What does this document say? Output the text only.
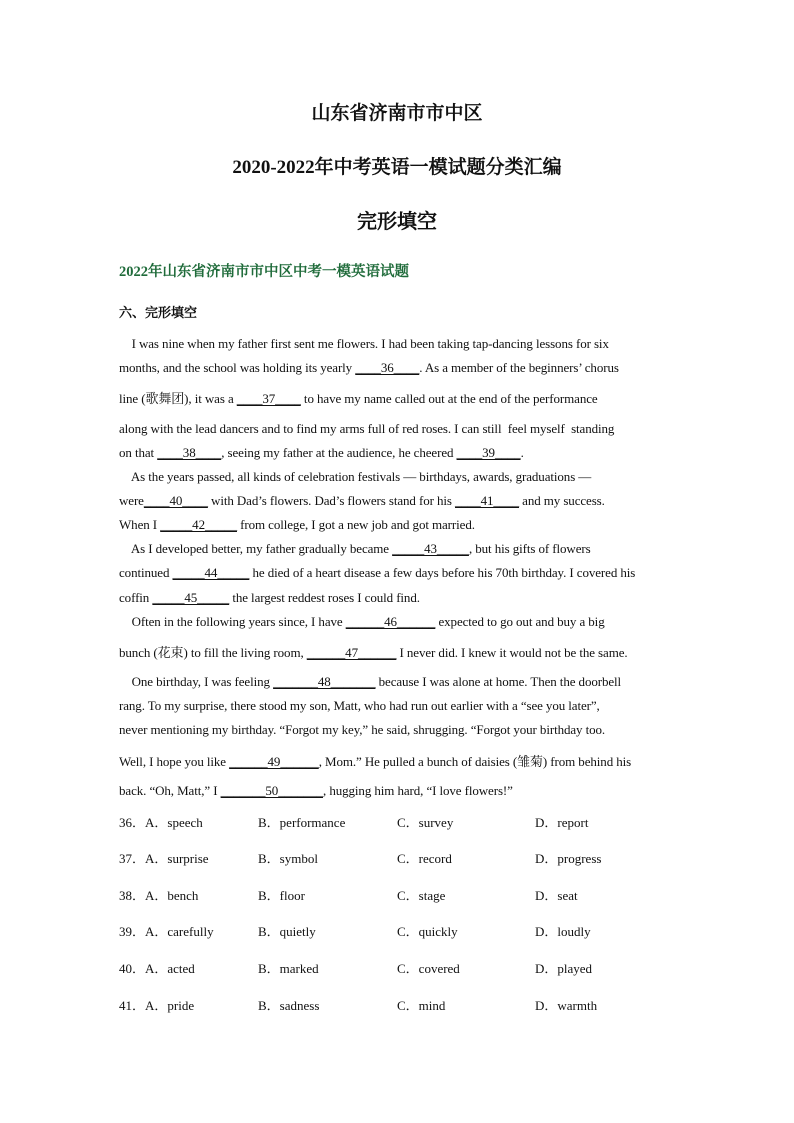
山东省济南市市中区
2020-2022年中考英语一模试题分类汇编
完形填空
2022年山东省济南市市中区中考一模英语试题
六、完形填空
I was nine when my father first sent me flowers. I had been taking tap-dancing lessons for six
months, and the school was holding its yearly ____36____. As a member of the beginners’ chorus
line (歌舞团), it was a ____37____ to have my name called out at the end of the performance
along with the lead dancers and to find my arms full of red roses. I can still  feel myself  standing
on that ____38____, seeing my father at the audience, he cheered ____39____.
As the years passed, all kinds of celebration festivals — birthdays, awards, graduations —
were____40____ with Dad’s flowers. Dad’s flowers stand for his ____41____ and my success.
When I _____42_____ from college, I got a new job and got married.
As I developed better, my father gradually became _____43_____, but his gifts of flowers
continued _____44_____ he died of a heart disease a few days before his 70th birthday. I covered his
coffin _____45_____ the largest reddest roses I could find.
Often in the following years since, I have ______46______ expected to go out and buy a big
bunch (花束) to fill the living room, ______47______ I never did. I knew it would not be the same.
One birthday, I was feeling _______48_______ because I was alone at home. Then the doorbell
rang. To my surprise, there stood my son, Matt, who had run out earlier with a “see you later”,
never mentioning my birthday. “Forgot my key,” he said, shrugging. “Forgot your birthday too.
Well, I hope you like ______49______, Mom.” He pulled a bunch of daisies (雏菊) from behind his
back. “Oh, Matt,” I _______50_______, hugging him hard, “I love flowers!”
36．A．speech	B．performance	C．survey	D．report
37．A．surprise	B．symbol	C．record	D．progress
38．A．bench	B．floor	C．stage	D．seat
39．A．carefully	B．quietly	C．quickly	D．loudly
40．A．acted	B．marked	C．covered	D．played
41．A．pride	B．sadness	C．mind	D．warmth
